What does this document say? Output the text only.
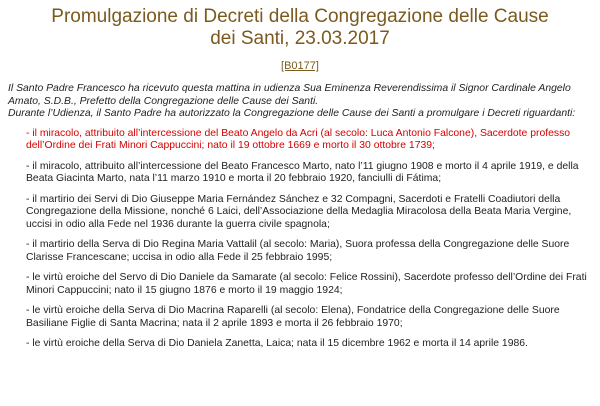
Promulgazione di Decreti della Congregazione delle Cause dei Santi, 23.03.2017
[B0177]
Il Santo Padre Francesco ha ricevuto questa mattina in udienza Sua Eminenza Reverendissima il Signor Cardinale Angelo Amato, S.D.B., Prefetto della Congregazione delle Cause dei Santi.
Durante l’Udienza, il Santo Padre ha autorizzato la Congregazione delle Cause dei Santi a promulgare i Decreti riguardanti:
- il miracolo, attribuito all’intercessione del Beato Angelo da Acri (al secolo: Luca Antonio Falcone), Sacerdote professo dell’Ordine dei Frati Minori Cappuccini; nato il 19 ottobre 1669 e morto il 30 ottobre 1739;
- il miracolo, attribuito all’intercessione del Beato Francesco Marto, nato l’11 giugno 1908 e morto il 4 aprile 1919, e della Beata Giacinta Marto, nata l’11 marzo 1910 e morta il 20 febbraio 1920, fanciulli di Fátima;
- il martirio dei Servi di Dio Giuseppe Maria Fernández Sánchez e 32 Compagni, Sacerdoti e Fratelli Coadiutori della Congregazione della Missione, nonché 6 Laici, dell’Associazione della Medaglia Miracolosa della Beata Maria Vergine, uccisi in odio alla Fede nel 1936 durante la guerra civile spagnola;
- il martirio della Serva di Dio Regina Maria Vattalil (al secolo: Maria), Suora professa della Congregazione delle Suore Clarisse Francescane; uccisa in odio alla Fede il 25 febbraio 1995;
- le virtù eroiche del Servo di Dio Daniele da Samarate (al secolo: Felice Rossini), Sacerdote professo dell’Ordine dei Frati Minori Cappuccini; nato il 15 giugno 1876 e morto il 19 maggio 1924;
- le virtù eroiche della Serva di Dio Macrina Raparelli (al secolo: Elena), Fondatrice della Congregazione delle Suore Basiliane Figlie di Santa Macrina; nata il 2 aprile 1893 e morta il 26 febbraio 1970;
- le virtù eroiche della Serva di Dio Daniela Zanetta, Laica; nata il 15 dicembre 1962 e morta il 14 aprile 1986.
